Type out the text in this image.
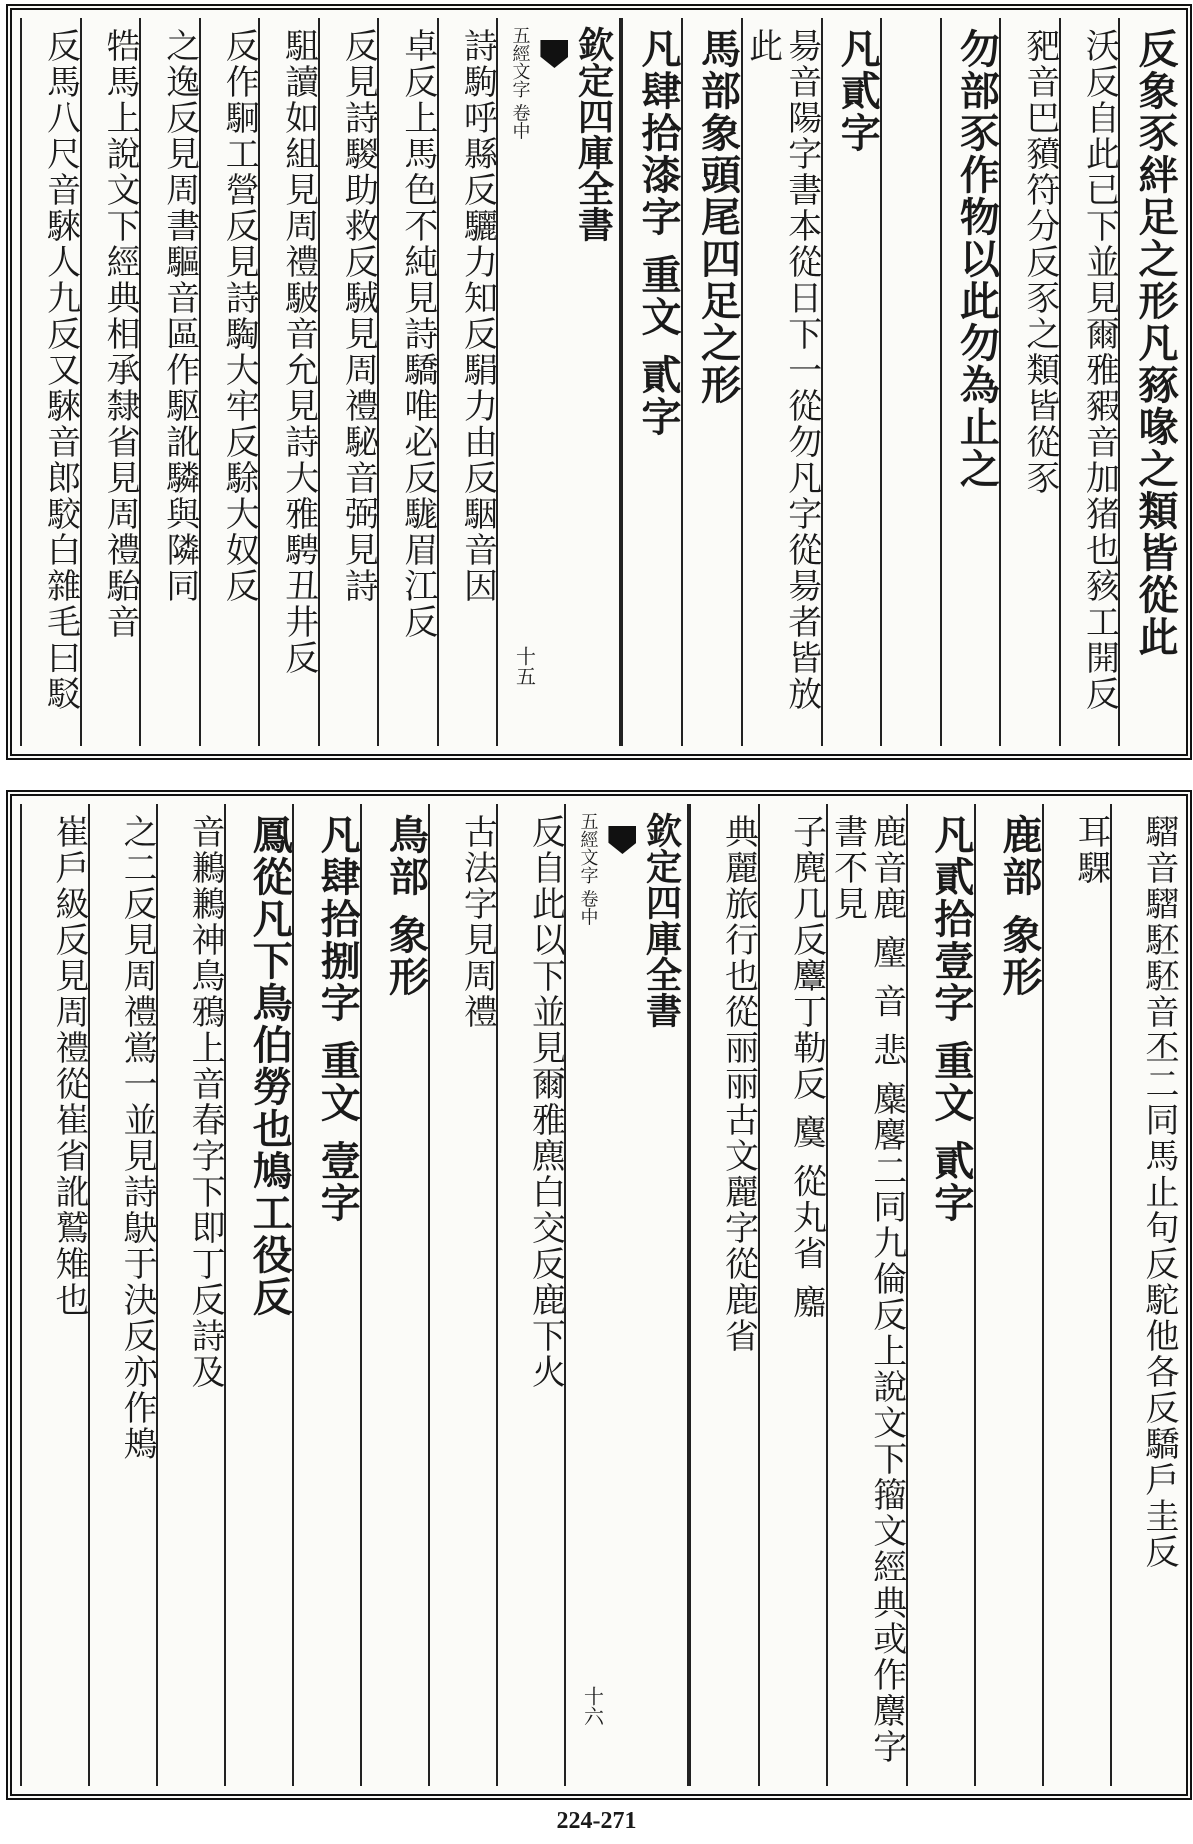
反象豕絆足之形凡豩喙之類皆從此
沃反自此已下並見爾雅豭音加猪也豥工開反
豝音巴豶符分反豕之類皆從豕
勿部豕作物以此勿為止之
凡貳字
昜音陽字書本從日下一從勿凡字從昜者皆放此
馬部象頭尾四足之形
凡肆拾漆字 重文 貳字
欽定四庫全書
五經文字 卷中
十五
詩駒呼縣反驪力知反駽力由反駰音因
卓反上馬色不純見詩驕唯必反駹眉江反
反見詩騣助救反駥見周禮駜音弼見詩
駔讀如組見周禮駊音允見詩大雅騁丑井反
反作駉工營反見詩騊大牢反駼大奴反
之逸反見周書驅音區作駆訛驎與隣同
牿馬上說文下經典相承隸省見周禮駘音
反馬八尺音騋人九反又騋音郎駮白雜毛曰駁
騽音騽駓駓音丕二同馬止句反駝他各反驕戶圭反
耳騍
鹿部 象形
凡貳拾壹字 重文 貳字
鹿音鹿 麈 音 悲 麋麐二同九倫反上說文下籀文經典或作麖字書不見
子麂几反麞丁勒反 麌 從丸省 䴥
典麗旅行也從丽丽古文麗字從鹿省
欽定四庫全書
五經文字 卷中
十六
反自此以下並見爾雅麃白交反鹿下火
古法字見周禮
鳥部 象形
凡肆拾捌字 重文 壹字
鳳從凡下鳥伯勞也鳩工役反
音鶼鶼神鳥鴉上音春字下即丁反詩及
之二反見周禮鴬一並見詩鴃于決反亦作鴂
崔戶級反見周禮從崔省訛鷲雉也
224-271
